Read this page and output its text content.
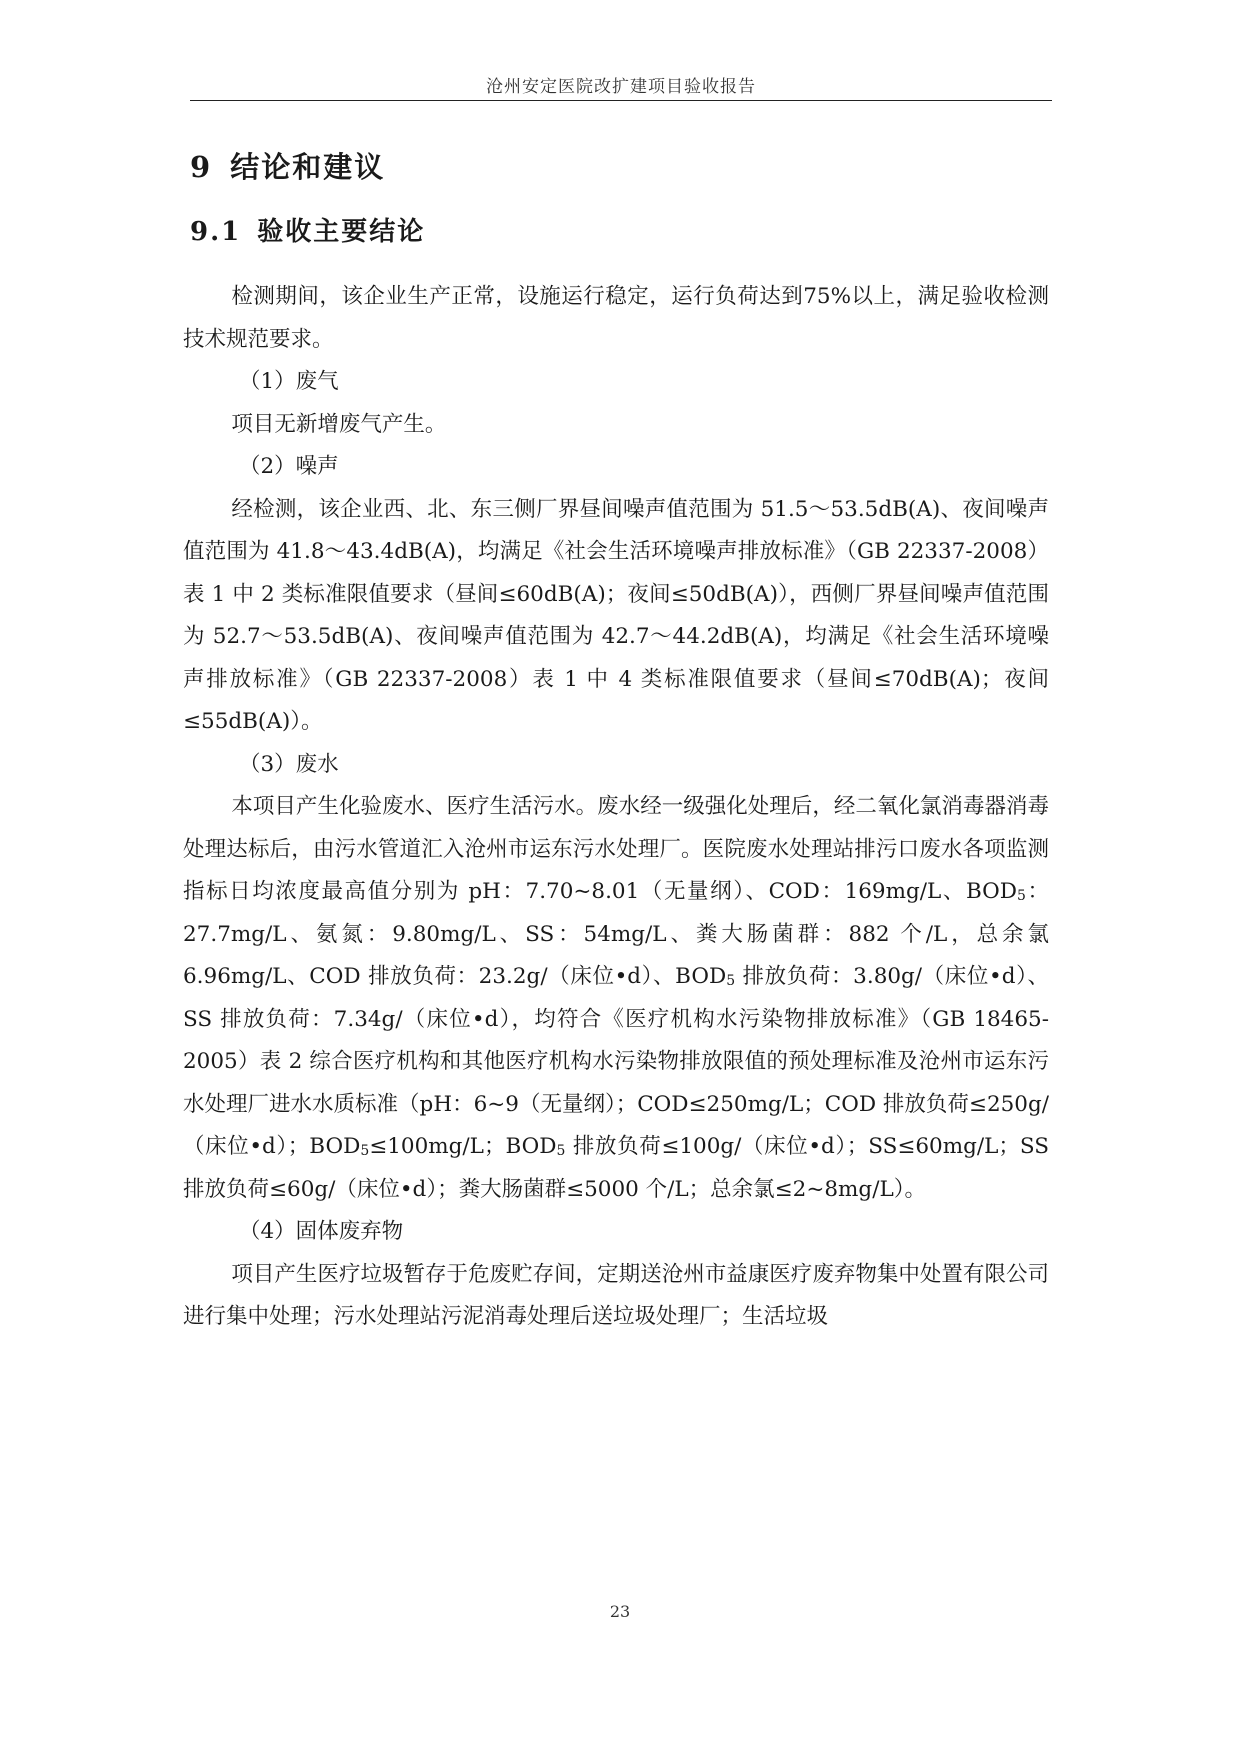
沧州安定医院改扩建项目验收报告
9 结论和建议
9.1 验收主要结论

检测期间，该企业生产正常，设施运行稳定，运行负荷达到75%以上，满足验收检测技术规范要求。

（1）废气

项目无新增废气产生。

（2）噪声

经检测，该企业西、北、东三侧厂界昼间噪声值范围为 51.5～53.5dB(A)、夜间噪声值范围为 41.8～43.4dB(A)，均满足《社会生活环境噪声排放标准》（GB 22337-2008）表 1 中 2 类标准限值要求（昼间≤60dB(A)；夜间≤50dB(A)），西侧厂界昼间噪声值范围为 52.7～53.5dB(A)、夜间噪声值范围为 42.7～44.2dB(A)，均满足《社会生活环境噪声排放标准》（GB 22337-2008）表 1 中 4 类标准限值要求（昼间≤70dB(A)；夜间≤55dB(A)）。

（3）废水

本项目产生化验废水、医疗生活污水。废水经一级强化处理后，经二氧化氯消毒器消毒处理达标后，由污水管道汇入沧州市运东污水处理厂。医院废水处理站排污口废水各项监测指标日均浓度最高值分别为 pH：7.70~8.01（无量纲）、COD：169mg/L、$BOD_5$：27.7mg/L、氨氮：9.80mg/L、SS：54mg/L、粪大肠菌群：882 个/L，总余氯 6.96mg/L、COD 排放负荷：23.2g/（床位•d）、$BOD_5$ 排放负荷：3.80g/（床位•d）、SS 排放负荷：7.34g/（床位•d），均符合《医疗机构水污染物排放标准》（GB 18465-2005）表 2 综合医疗机构和其他医疗机构水污染物排放限值的预处理标准及沧州市运东污水处理厂进水水质标准（pH：6~9（无量纲）；COD≤250mg/L；COD 排放负荷≤250g/（床位•d）；$BOD_5\le 100mg/L$；$BOD_5$ 排放负荷≤100g/（床位•d）；SS≤60mg/L；SS 排放负荷≤60g/（床位•d）；粪大肠菌群≤5000 个/L；总余氯≤2~8mg/L）。

（4）固体废弃物

项目产生医疗垃圾暂存于危废贮存间，定期送沧州市益康医疗废弃物集中处置有限公司进行集中处理；污水处理站污泥消毒处理后送垃圾处理厂；生活垃圾

23
